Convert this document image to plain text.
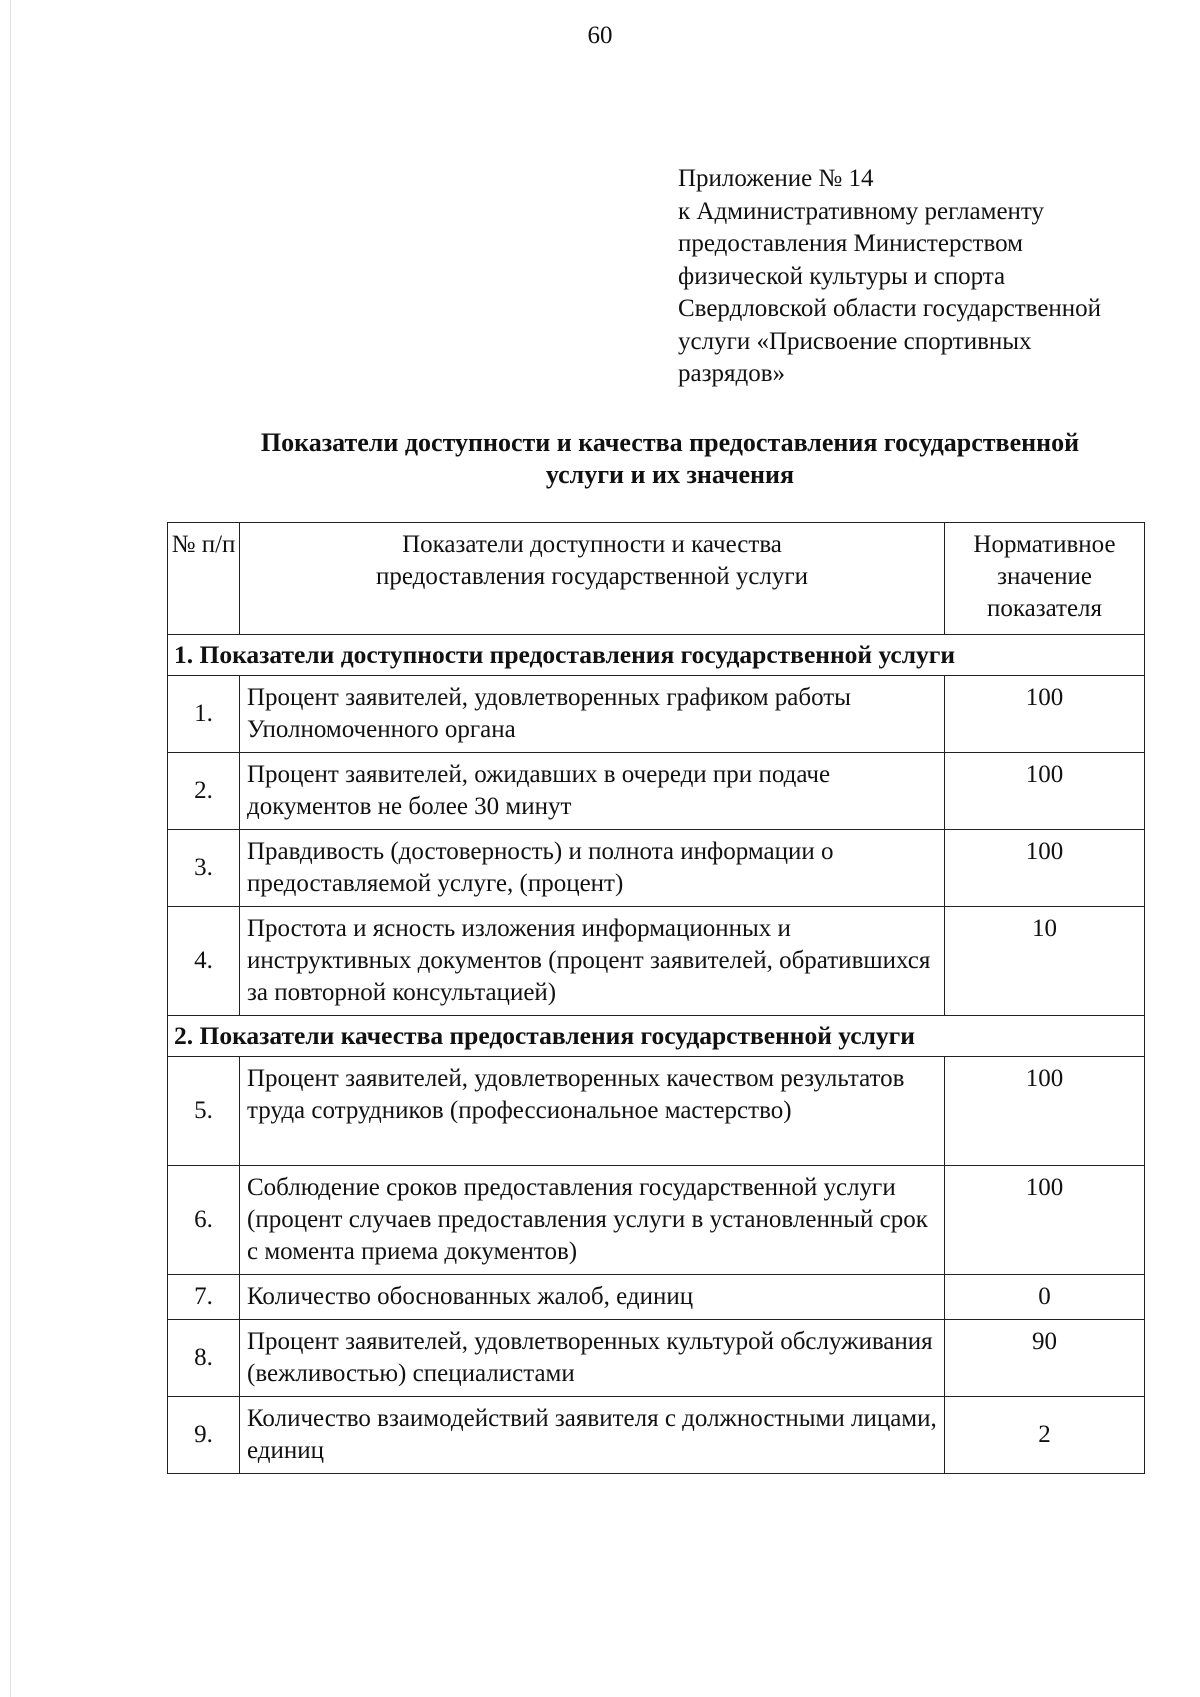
60
Приложение № 14
к Административному регламенту
предоставления Министерством
физической культуры и спорта
Свердловской области государственной
услуги «Присвоение спортивных
разрядов»
Показатели доступности и качества предоставления государственной
услуги и их значения
№ п/п	Показатели доступности и качества предоставления государственной услуги	Нормативное значение показателя
1. Показатели доступности предоставления государственной услуги		
1.	Процент заявителей, удовлетворенных графиком работы Уполномоченного органа	100
2.	Процент заявителей, ожидавших в очереди при подаче документов не более 30 минут	100
3.	Правдивость (достоверность) и полнота информации о предоставляемой услуге, (процент)	100
4.	Простота и ясность изложения информационных и инструктивных документов (процент заявителей, обратившихся за повторной консультацией)	10
2. Показатели качества предоставления государственной услуги		
5.	Процент заявителей, удовлетворенных качеством результатов труда сотрудников (профессиональное мастерство)	100
6.	Соблюдение сроков предоставления государственной услуги (процент случаев предоставления услуги в установленный срок с момента приема документов)	100
7.	Количество обоснованных жалоб, единиц	0
8.	Процент заявителей, удовлетворенных культурой обслуживания (вежливостью) специалистами	90
9.	Количество взаимодействий заявителя с должностными лицами, единиц	2
